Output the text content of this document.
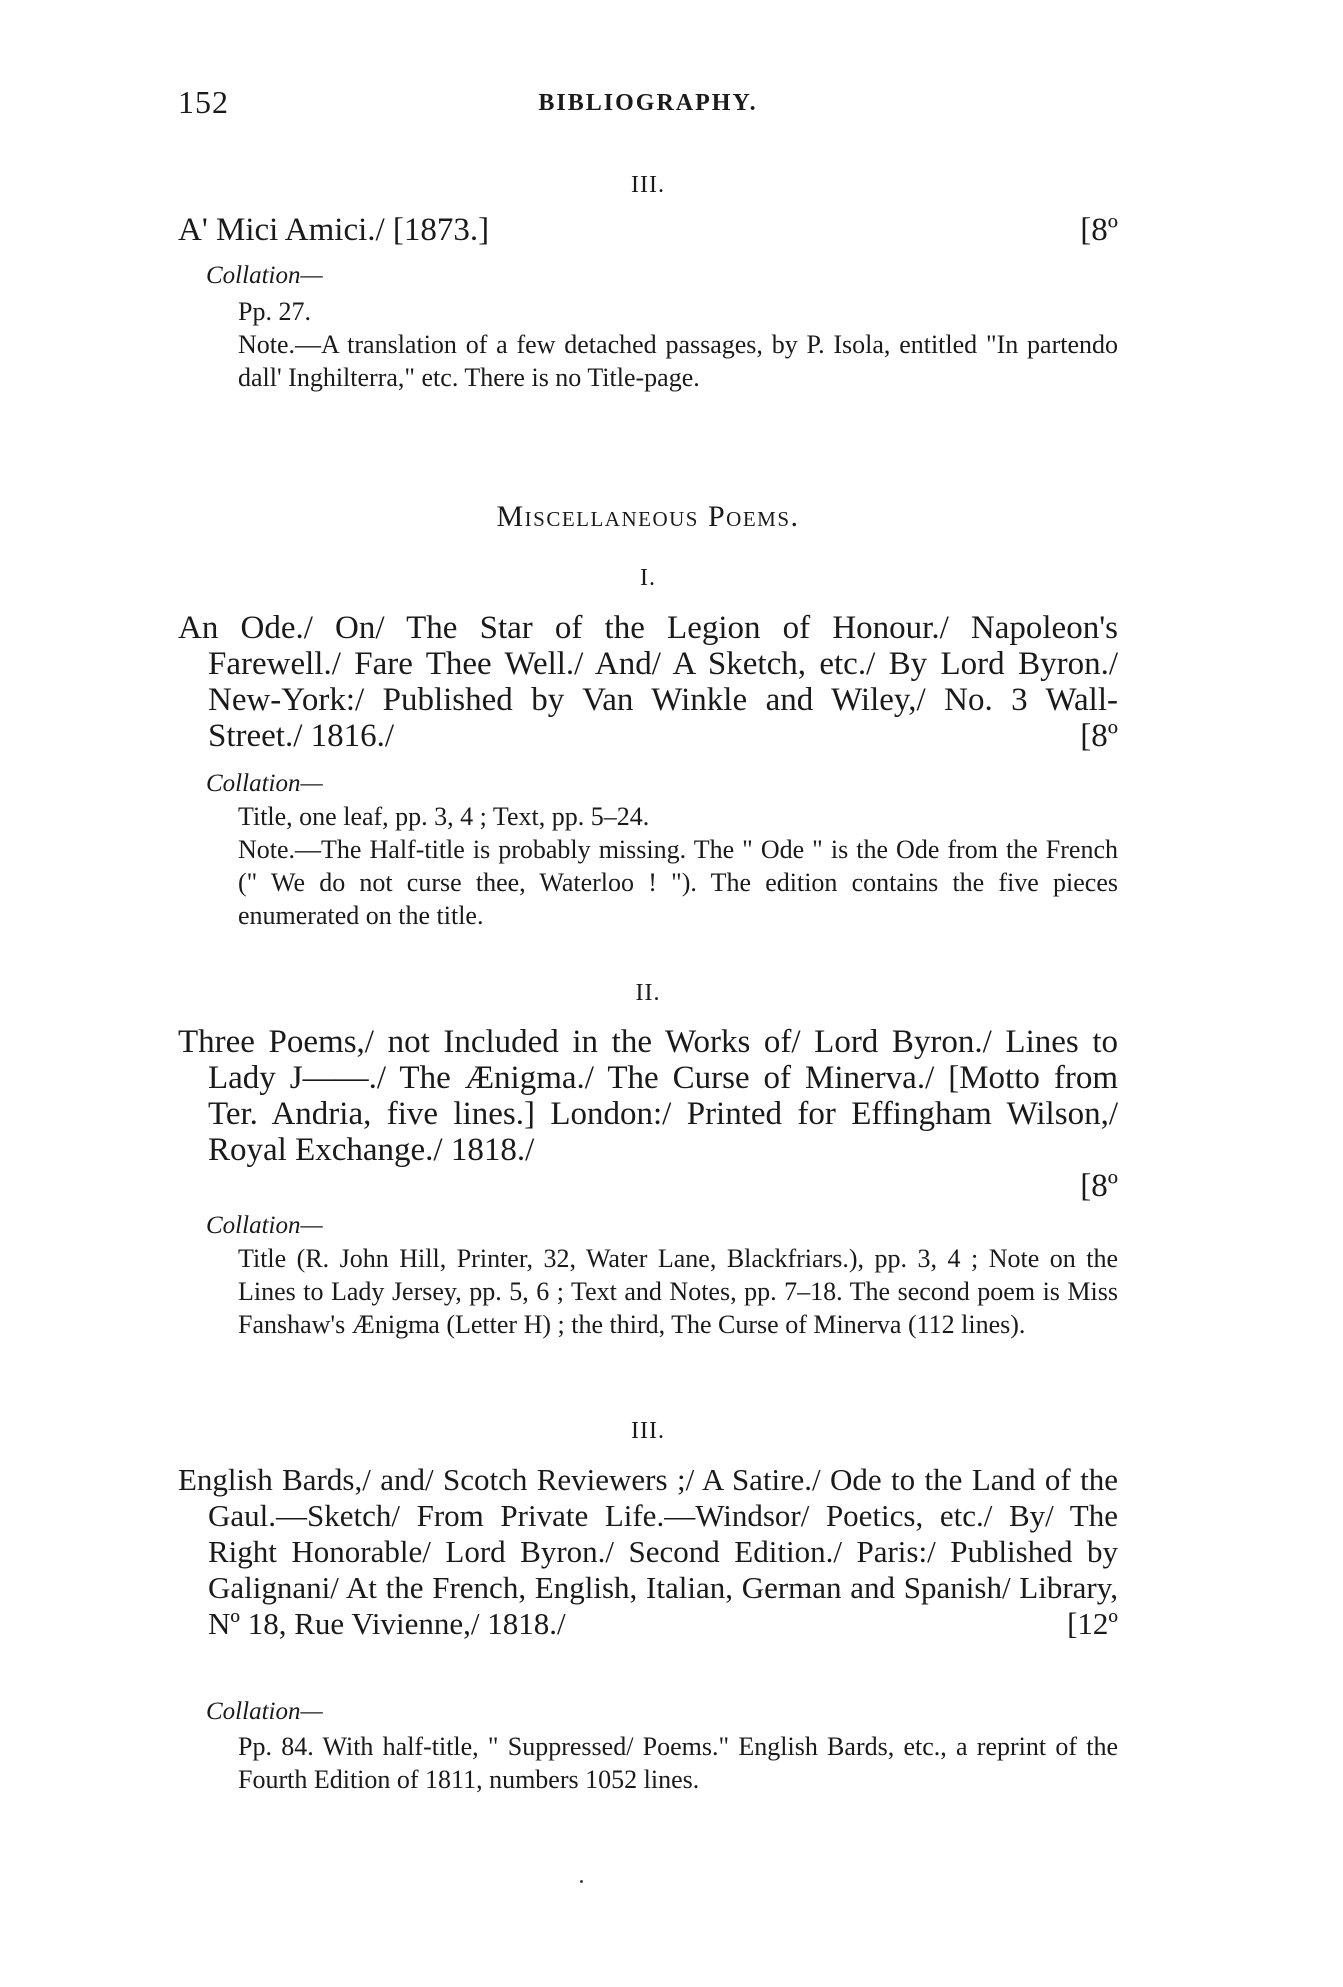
152	BIBLIOGRAPHY.
III.
[8º
A' Mici Amici./ [1873.]
Collation—

Pp. 27.

Note.—A translation of a few detached passages, by P. Isola, entitled "In partendo dall' Inghilterra," etc. There is no Title-page.

Miscellaneous Poems.
I.
An Ode./ On/ The Star of the Legion of Honour./ Napoleon's Farewell./ Fare Thee Well./ And/ A Sketch, etc./ By Lord Byron./ New-York:/ Published by Van Winkle and Wiley,/ No. 3 Wall-Street./ 1816./	[8º
Collation—

Title, one leaf, pp. 3, 4 ; Text, pp. 5–24.

Note.—The Half-title is probably missing. The " Ode " is the Ode from the French (" We do not curse thee, Waterloo ! "). The edition contains the five pieces enumerated on the title.

II.
Three Poems,/ not Included in the Works of/ Lord Byron./ Lines to Lady J——./ The Ænigma./ The Curse of Minerva./ [Motto from Ter. Andria, five lines.] London:/ Printed for Effingham Wilson,/ Royal Exchange./ 1818./
[8º
Collation—

Title (R. John Hill, Printer, 32, Water Lane, Blackfriars.), pp. 3, 4 ; Note on the Lines to Lady Jersey, pp. 5, 6 ; Text and Notes, pp. 7–18. The second poem is Miss Fanshaw's Ænigma (Letter H) ; the third, The Curse of Minerva (112 lines).

III.
English Bards,/ and/ Scotch Reviewers ;/ A Satire./ Ode to the Land of the Gaul.—Sketch/ From Private Life.—Windsor/ Poetics, etc./ By/ The Right Honorable/ Lord Byron./ Second Edition./ Paris:/ Published by Galignani/ At the French, English, Italian, German and Spanish/ Library, Nº 18, Rue Vivienne,/ 1818./	[12º
Collation—

Pp. 84. With half-title, " Suppressed/ Poems." English Bards, etc., a reprint of the Fourth Edition of 1811, numbers 1052 lines.
